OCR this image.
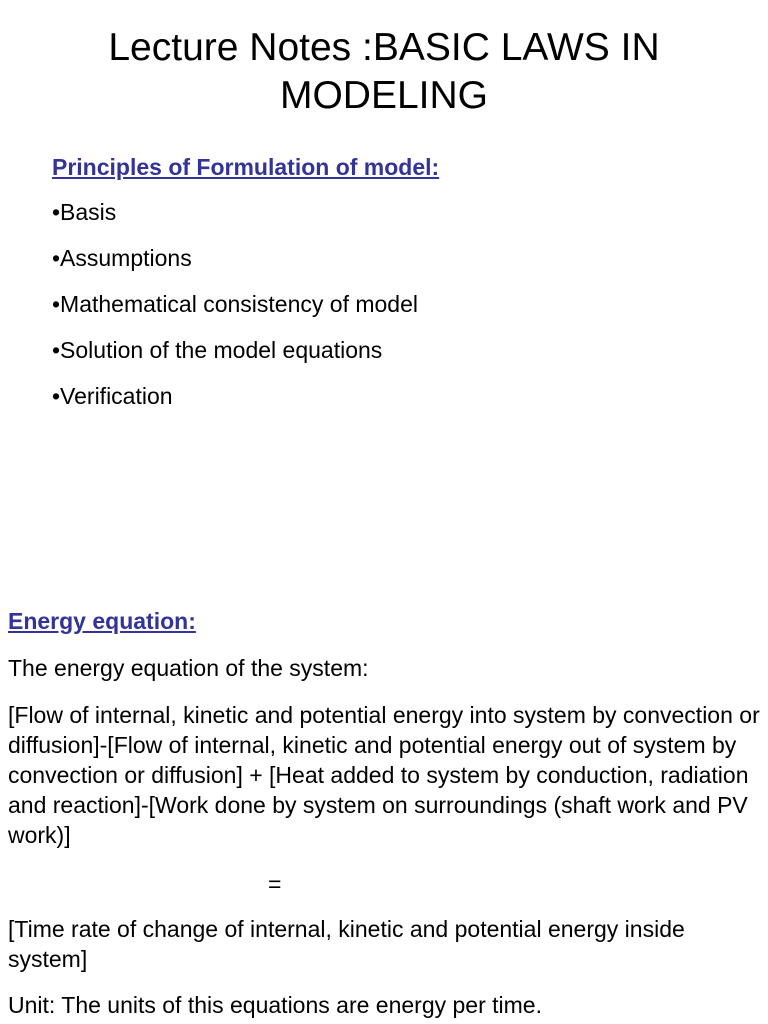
Lecture Notes :BASIC LAWS IN MODELING
Principles of Formulation of model:
•Basis
•Assumptions
•Mathematical consistency of model
•Solution of the model equations
•Verification
Energy equation:

The energy equation of the system:

[Flow of internal, kinetic and potential energy into system by convection or diffusion]-[Flow of internal, kinetic and potential energy out of system by convection or diffusion] + [Heat added to system by conduction, radiation and reaction]-[Work done by system on surroundings (shaft work and PV work)]

=

[Time rate of change of internal, kinetic and potential energy inside system]

Unit: The units of this equations are energy per time.
